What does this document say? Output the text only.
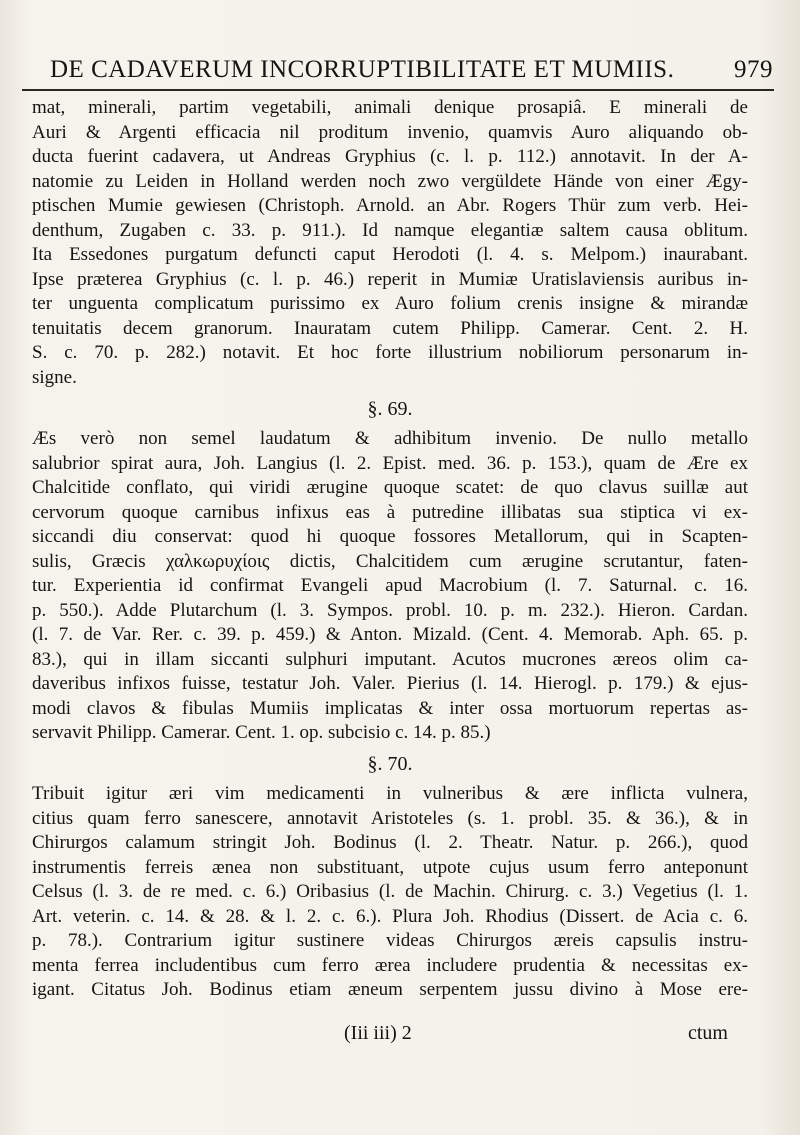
DE CADAVERUM INCORRUPTIBILITATE ET MUMIIS. 979
mat, minerali, partim vegetabili, animali denique prosapiâ. E minerali de
Auri & Argenti efficacia nil proditum invenio, quamvis Auro aliquando ob-
ducta fuerint cadavera, ut Andreas Gryphius (c. l. p. 112.) annotavit. In der A-
natomie zu Leiden in Holland werden noch zwo vergüldete Hände von einer Ægy-
ptischen Mumie gewiesen (Christoph. Arnold. an Abr. Rogers Thür zum verb. Hei-
denthum, Zugaben c. 33. p. 911.). Id namque elegantiæ saltem causa oblitum.
Ita Essedones purgatum defuncti caput Herodoti (l. 4. s. Melpom.) inaurabant.
Ipse præterea Gryphius (c. l. p. 46.) reperit in Mumiæ Uratislaviensis auribus in-
ter unguenta complicatum purissimo ex Auro folium crenis insigne & mirandæ
tenuitatis decem granorum. Inauratam cutem Philipp. Camerar. Cent. 2. H.
S. c. 70. p. 282.) notavit. Et hoc forte illustrium nobiliorum personarum in-
signe.
§. 69.
Æs verò non semel laudatum & adhibitum invenio. De nullo metallo
salubrior spirat aura, Joh. Langius (l. 2. Epist. med. 36. p. 153.), quam de Ære ex
Chalcitide conflato, qui viridi ærugine quoque scatet: de quo clavus suillæ aut
cervorum quoque carnibus infixus eas à putredine illibatas sua stiptica vi ex-
siccandi diu conservat: quod hi quoque fossores Metallorum, qui in Scapten-
sulis, Græcis χαλκωρυχίοις dictis, Chalcitidem cum ærugine scrutantur, faten-
tur. Experientia id confirmat Evangeli apud Macrobium (l. 7. Saturnal. c. 16.
p. 550.). Adde Plutarchum (l. 3. Sympos. probl. 10. p. m. 232.). Hieron. Cardan.
(l. 7. de Var. Rer. c. 39. p. 459.) & Anton. Mizald. (Cent. 4. Memorab. Aph. 65. p.
83.), qui in illam siccanti sulphuri imputant. Acutos mucrones æreos olim ca-
daveribus infixos fuisse, testatur Joh. Valer. Pierius (l. 14. Hierogl. p. 179.) & ejus-
modi clavos & fibulas Mumiis implicatas & inter ossa mortuorum repertas as-
servavit Philipp. Camerar. Cent. 1. op. subcisio c. 14. p. 85.)
§. 70.
Tribuit igitur æri vim medicamenti in vulneribus & ære inflicta vulnera,
citius quam ferro sanescere, annotavit Aristoteles (s. 1. probl. 35. & 36.), & in
Chirurgos calamum stringit Joh. Bodinus (l. 2. Theatr. Natur. p. 266.), quod
instrumentis ferreis ænea non substituant, utpote cujus usum ferro anteponunt
Celsus (l. 3. de re med. c. 6.) Oribasius (l. de Machin. Chirurg. c. 3.) Vegetius (l. 1.
Art. veterin. c. 14. & 28. & l. 2. c. 6.). Plura Joh. Rhodius (Dissert. de Acia c. 6.
p. 78.). Contrarium igitur sustinere videas Chirurgos æreis capsulis instru-
menta ferrea includentibus cum ferro ærea includere prudentia & necessitas ex-
igant. Citatus Joh. Bodinus etiam æneum serpentem jussu divino à Mose ere-
(Iii iii) 2	ctum
